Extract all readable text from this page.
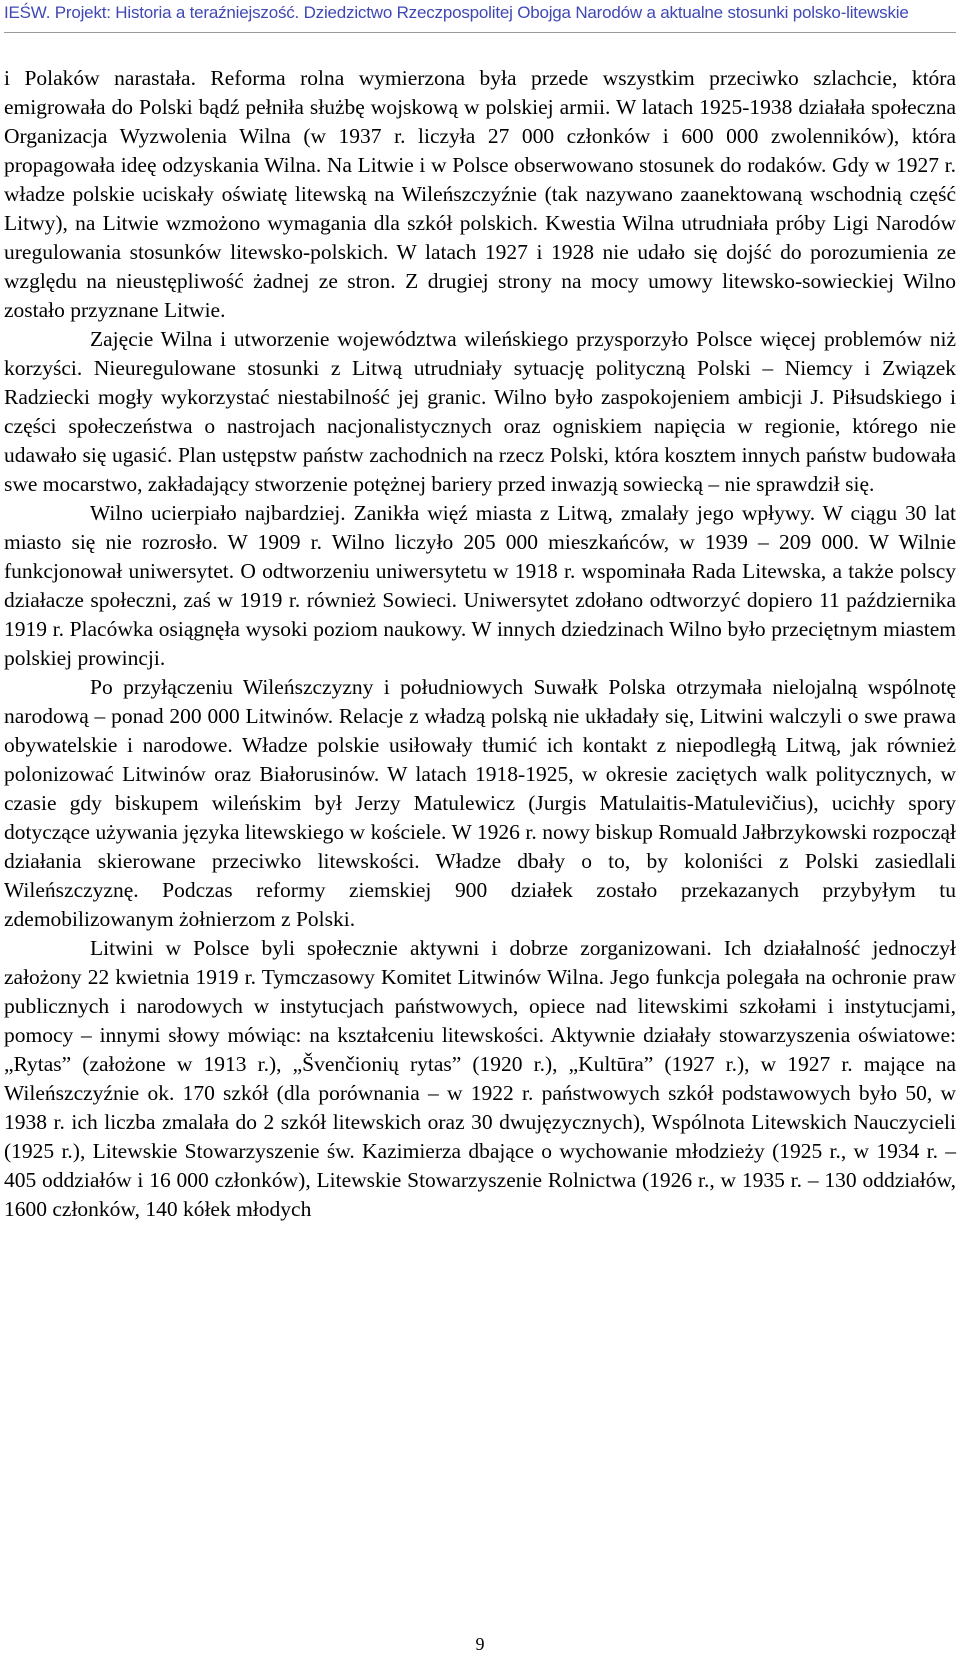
IEŚW. Projekt: Historia a teraźniejszość. Dziedzictwo Rzeczpospolitej Obojga Narodów a aktualne stosunki polsko-litewskie

i Polaków narastała. Reforma rolna wymierzona była przede wszystkim przeciwko szlachcie, która emigrowała do Polski bądź pełniła służbę wojskową w polskiej armii. W latach 1925-1938 działała społeczna Organizacja Wyzwolenia Wilna (w 1937 r. liczyła 27 000 członków i 600 000 zwolenników), która propagowała ideę odzyskania Wilna. Na Litwie i w Polsce obserwowano stosunek do rodaków. Gdy w 1927 r. władze polskie uciskały oświatę litewską na Wileńszczyźnie (tak nazywano zaanektowaną wschodnią część Litwy), na Litwie wzmożono wymagania dla szkół polskich. Kwestia Wilna utrudniała próby Ligi Narodów uregulowania stosunków litewsko-polskich. W latach 1927 i 1928 nie udało się dojść do porozumienia ze względu na nieustępliwość żadnej ze stron. Z drugiej strony na mocy umowy litewsko-sowieckiej Wilno zostało przyznane Litwie.

Zajęcie Wilna i utworzenie województwa wileńskiego przysporzyło Polsce więcej problemów niż korzyści. Nieuregulowane stosunki z Litwą utrudniały sytuację polityczną Polski – Niemcy i Związek Radziecki mogły wykorzystać niestabilność jej granic. Wilno było zaspokojeniem ambicji J. Piłsudskiego i części społeczeństwa o nastrojach nacjonalistycznych oraz ogniskiem napięcia w regionie, którego nie udawało się ugasić. Plan ustępstw państw zachodnich na rzecz Polski, która kosztem innych państw budowała swe mocarstwo, zakładający stworzenie potężnej bariery przed inwazją sowiecką – nie sprawdził się.

Wilno ucierpiało najbardziej. Zanikła więź miasta z Litwą, zmalały jego wpływy. W ciągu 30 lat miasto się nie rozrosło. W 1909 r. Wilno liczyło 205 000 mieszkańców, w 1939 – 209 000. W Wilnie funkcjonował uniwersytet. O odtworzeniu uniwersytetu w 1918 r. wspominała Rada Litewska, a także polscy działacze społeczni, zaś w 1919 r. również Sowieci. Uniwersytet zdołano odtworzyć dopiero 11 października 1919 r. Placówka osiągnęła wysoki poziom naukowy. W innych dziedzinach Wilno było przeciętnym miastem polskiej prowincji.

Po przyłączeniu Wileńszczyzny i południowych Suwałk Polska otrzymała nielojalną wspólnotę narodową – ponad 200 000 Litwinów. Relacje z władzą polską nie układały się, Litwini walczyli o swe prawa obywatelskie i narodowe. Władze polskie usiłowały tłumić ich kontakt z niepodległą Litwą, jak również polonizować Litwinów oraz Białorusinów. W latach 1918-1925, w okresie zaciętych walk politycznych, w czasie gdy biskupem wileńskim był Jerzy Matulewicz (Jurgis Matulaitis-Matulevičius), ucichły spory dotyczące używania języka litewskiego w kościele. W 1926 r. nowy biskup Romuald Jałbrzykowski rozpoczął działania skierowane przeciwko litewskości. Władze dbały o to, by koloniści z Polski zasiedlali Wileńszczyznę. Podczas reformy ziemskiej 900 działek zostało przekazanych przybyłym tu zdemobilizowanym żołnierzom z Polski.

Litwini w Polsce byli społecznie aktywni i dobrze zorganizowani. Ich działalność jednoczył założony 22 kwietnia 1919 r. Tymczasowy Komitet Litwinów Wilna. Jego funkcja polegała na ochronie praw publicznych i narodowych w instytucjach państwowych, opiece nad litewskimi szkołami i instytucjami, pomocy – innymi słowy mówiąc: na kształceniu litewskości. Aktywnie działały stowarzyszenia oświatowe: „Rytas” (założone w 1913 r.), „Švenčionių rytas” (1920 r.), „Kultūra” (1927 r.), w 1927 r. mające na Wileńszczyźnie ok. 170 szkół (dla porównania – w 1922 r. państwowych szkół podstawowych było 50, w 1938 r. ich liczba zmalała do 2 szkół litewskich oraz 30 dwujęzycznych), Wspólnota Litewskich Nauczycieli (1925 r.), Litewskie Stowarzyszenie św. Kazimierza dbające o wychowanie młodzieży (1925 r., w 1934 r. – 405 oddziałów i 16 000 członków), Litewskie Stowarzyszenie Rolnictwa (1926 r., w 1935 r. – 130 oddziałów, 1600 członków, 140 kółek młodych

9
